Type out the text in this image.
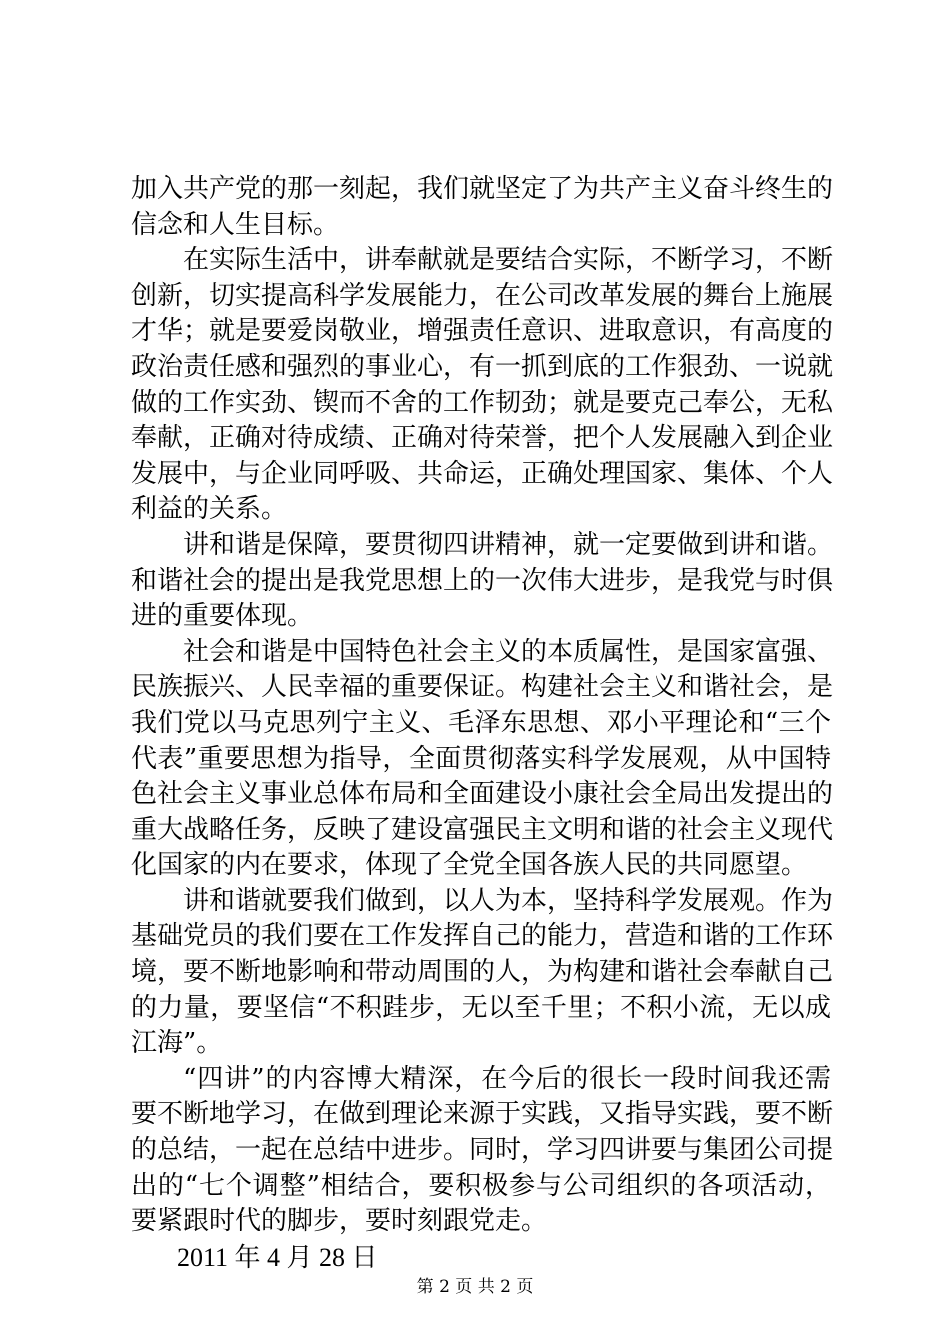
加入共产党的那一刻起，我们就坚定了为共产主义奋斗终生的
信念和人生目标。
在实际生活中，讲奉献就是要结合实际，不断学习，不断
创新，切实提高科学发展能力，在公司改革发展的舞台上施展
才华；就是要爱岗敬业，增强责任意识、进取意识，有高度的
政治责任感和强烈的事业心，有一抓到底的工作狠劲、一说就
做的工作实劲、锲而不舍的工作韧劲；就是要克己奉公，无私
奉献，正确对待成绩、正确对待荣誉，把个人发展融入到企业
发展中，与企业同呼吸、共命运，正确处理国家、集体、个人
利益的关系。
讲和谐是保障，要贯彻四讲精神，就一定要做到讲和谐。
和谐社会的提出是我党思想上的一次伟大进步，是我党与时俱
进的重要体现。
社会和谐是中国特色社会主义的本质属性，是国家富强、
民族振兴、人民幸福的重要保证。构建社会主义和谐社会，是
我们党以马克思列宁主义、毛泽东思想、邓小平理论和“三个
代表”重要思想为指导，全面贯彻落实科学发展观，从中国特
色社会主义事业总体布局和全面建设小康社会全局出发提出的
重大战略任务，反映了建设富强民主文明和谐的社会主义现代
化国家的内在要求，体现了全党全国各族人民的共同愿望。
讲和谐就要我们做到，以人为本，坚持科学发展观。作为
基础党员的我们要在工作发挥自己的能力，营造和谐的工作环
境，要不断地影响和带动周围的人，为构建和谐社会奉献自己
的力量，要坚信“不积跬步，无以至千里；不积小流，无以成
江海”。
“四讲”的内容博大精深，在今后的很长一段时间我还需
要不断地学习，在做到理论来源于实践，又指导实践，要不断
的总结，一起在总结中进步。同时，学习四讲要与集团公司提
出的“七个调整”相结合，要积极参与公司组织的各项活动，
要紧跟时代的脚步，要时刻跟党走。
2011 年 4 月 28 日
第 2 页 共 2 页
